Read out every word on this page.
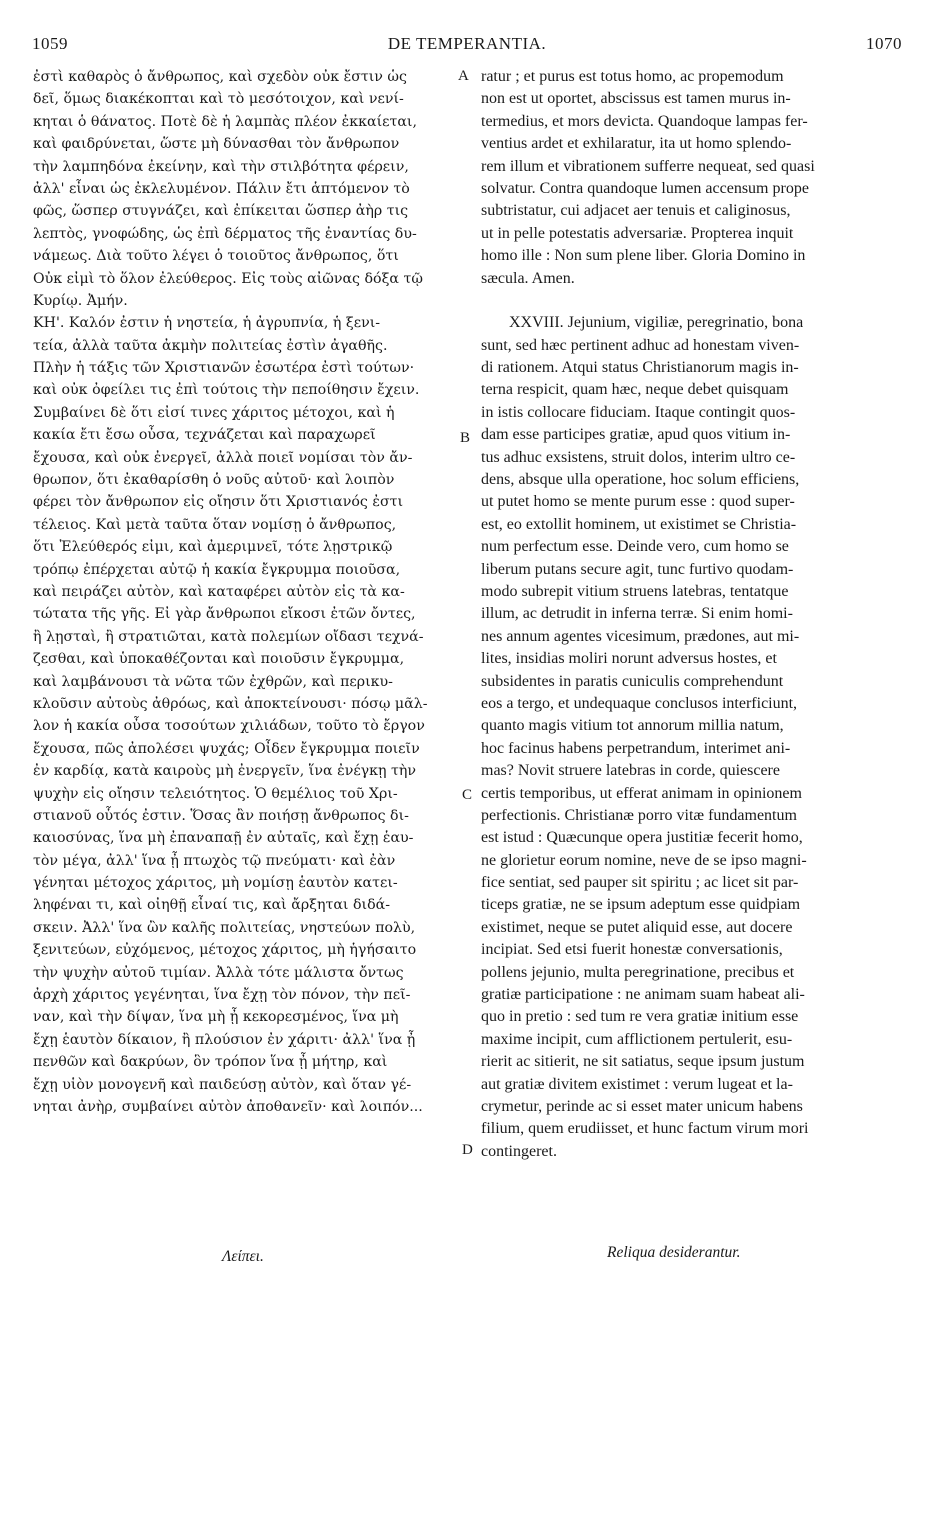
1059	DE TEMPERANTIA.	1070
ἐστὶ καθαρὸς ὁ ἄνθρωπος, καὶ σχεδὸν οὐκ ἔστιν ὡς
δεῖ, ὅμως διακέκοπται καὶ τὸ μεσότοιχον, καὶ νενί-
κηται ὁ θάνατος. Ποτὲ δὲ ἡ λαμπὰς πλέον ἐκκαίεται,
καὶ φαιδρύνεται, ὥστε μὴ δύνασθαι τὸν ἄνθρωπον
τὴν λαμπηδόνα ἐκείνην, καὶ τὴν στιλβότητα φέρειν,
ἀλλ' εἶναι ὡς ἐκλελυμένον. Πάλιν ἔτι ἁπτόμενον τὸ
φῶς, ὥσπερ στυγνάζει, καὶ ἐπίκειται ὥσπερ ἀὴρ τις
λεπτὸς, γνοφώδης, ὡς ἐπὶ δέρματος τῆς ἐναντίας δυ-
νάμεως. Διὰ τοῦτο λέγει ὁ τοιοῦτος ἄνθρωπος, ὅτι
Οὐκ εἰμὶ τὸ ὅλον ἐλεύθερος. Εἰς τοὺς αἰῶνας δόξα τῷ
Κυρίῳ. Ἀμήν.
ΚΗ'. Καλόν ἐστιν ἡ νηστεία, ἡ ἀγρυπνία, ἡ ξενι-
τεία, ἀλλὰ ταῦτα ἀκμὴν πολιτείας ἐστὶν ἀγαθῆς.
Πλὴν ἡ τάξις τῶν Χριστιανῶν ἐσωτέρα ἐστὶ τούτων·
καὶ οὐκ ὀφείλει τις ἐπὶ τούτοις τὴν πεποίθησιν ἔχειν.
Συμβαίνει δὲ ὅτι εἰσί τινες χάριτος μέτοχοι, καὶ ἡ
κακία ἔτι ἔσω οὖσα, τεχνάζεται καὶ παραχωρεῖ
ἔχουσα, καὶ οὐκ ἐνεργεῖ, ἀλλὰ ποιεῖ νομίσαι τὸν ἄν-
θρωπον, ὅτι ἐκαθαρίσθη ὁ νοῦς αὐτοῦ· καὶ λοιπὸν
φέρει τὸν ἄνθρωπον εἰς οἴησιν ὅτι Χριστιανός ἐστι
τέλειος. Καὶ μετὰ ταῦτα ὅταν νομίσῃ ὁ ἄνθρωπος,
ὅτι Ἐλεύθερός εἰμι, καὶ ἀμεριμνεῖ, τότε λῃστρικῷ
τρόπῳ ἐπέρχεται αὐτῷ ἡ κακία ἔγκρυμμα ποιοῦσα,
καὶ πειράζει αὐτὸν, καὶ καταφέρει αὐτὸν εἰς τὰ κα-
τώτατα τῆς γῆς. Εἰ γὰρ ἄνθρωποι εἴκοσι ἐτῶν ὄντες,
ἢ λῃσταὶ, ἢ στρατιῶται, κατὰ πολεμίων οἴδασι τεχνά-
ζεσθαι, καὶ ὑποκαθέζονται καὶ ποιοῦσιν ἔγκρυμμα,
καὶ λαμβάνουσι τὰ νῶτα τῶν ἐχθρῶν, καὶ περικυ-
κλοῦσιν αὐτοὺς ἀθρόως, καὶ ἀποκτείνουσι· πόσῳ μᾶλ-
λον ἡ κακία οὖσα τοσούτων χιλιάδων, τοῦτο τὸ ἔργον
ἔχουσα, πῶς ἀπολέσει ψυχάς; Οἶδεν ἔγκρυμμα ποιεῖν
ἐν καρδίᾳ, κατὰ καιροὺς μὴ ἐνεργεῖν, ἵνα ἐνέγκῃ τὴν
ψυχὴν εἰς οἴησιν τελειότητος. Ὁ θεμέλιος τοῦ Χρι-
στιανοῦ οὗτός ἐστιν. Ὅσας ἂν ποιήσῃ ἄνθρωπος δι-
καιοσύνας, ἵνα μὴ ἐπαναπαῇ ἐν αὐταῖς, καὶ ἔχῃ ἑαυ-
τὸν μέγα, ἀλλ' ἵνα ᾖ πτωχὸς τῷ πνεύματι· καὶ ἐὰν
γένηται μέτοχος χάριτος, μὴ νομίσῃ ἑαυτὸν κατει-
ληφέναι τι, καὶ οἰηθῇ εἶναί τις, καὶ ἄρξηται διδά-
σκειν. Ἀλλ' ἵνα ὢν καλῆς πολιτείας, νηστεύων πολὺ,
ξενιτεύων, εὐχόμενος, μέτοχος χάριτος, μὴ ἡγήσαιτο
τὴν ψυχὴν αὐτοῦ τιμίαν. Ἀλλὰ τότε μάλιστα ὄντως
ἀρχὴ χάριτος γεγένηται, ἵνα ἔχῃ τὸν πόνον, τὴν πεῖ-
ναν, καὶ τὴν δίψαν, ἵνα μὴ ᾖ κεκορεσμένος, ἵνα μὴ
ἔχῃ ἑαυτὸν δίκαιον, ἢ πλούσιον ἐν χάριτι· ἀλλ' ἵνα ᾖ
πενθῶν καὶ δακρύων, ὃν τρόπον ἵνα ᾖ μήτηρ, καὶ
ἔχῃ υἱὸν μονογενῆ καὶ παιδεύσῃ αὐτὸν, καὶ ὅταν γέ-
νηται ἀνὴρ, συμβαίνει αὐτὸν ἀποθανεῖν· καὶ λοιπόν...
ratur ; et purus est totus homo, ac propemodum
non est ut oportet, abscissus est tamen murus in-
termedius, et mors devicta. Quandoque lampas fer-
ventius ardet et exhilaratur, ita ut homo splendo-
rem illum et vibrationem sufferre nequeat, sed quasi
solvatur. Contra quandoque lumen accensum prope
subtristatur, cui adjacet aer tenuis et caliginosus,
ut in pelle potestatis adversariæ. Propterea inquit
homo ille : Non sum plene liber. Gloria Domino in
sæcula. Amen.
XXVIII. Jejunium, vigiliæ, peregrinatio, bona
sunt, sed hæc pertinent adhuc ad honestam viven-
di rationem. Atqui status Christianorum magis in-
terna respicit, quam hæc, neque debet quisquam
in istis collocare fiduciam. Itaque contingit quos-
dam esse participes gratiæ, apud quos vitium in-
tus adhuc exsistens, struit dolos, interim ultro ce-
dens, absque ulla operatione, hoc solum efficiens,
ut putet homo se mente purum esse : quod super-
est, eo extollit hominem, ut existimet se Christia-
num perfectum esse. Deinde vero, cum homo se
liberum putans secure agit, tunc furtivo quodam-
modo subrepit vitium struens latebras, tentatque
illum, ac detrudit in inferna terræ. Si enim homi-
nes annum agentes vicesimum, prædones, aut mi-
lites, insidias moliri norunt adversus hostes, et
subsidentes in paratis cuniculis comprehendunt
eos a tergo, et undequaque conclusos interficiunt,
quanto magis vitium tot annorum millia natum,
hoc facinus habens perpetrandum, interimet ani-
mas? Novit struere latebras in corde, quiescere
certis temporibus, ut efferat animam in opinionem
perfectionis. Christianæ porro vitæ fundamentum
est istud : Quæcunque opera justitiæ fecerit homo,
ne glorietur eorum nomine, neve de se ipso magni-
fice sentiat, sed pauper sit spiritu ; ac licet sit par-
ticeps gratiæ, ne se ipsum adeptum esse quidpiam
existimet, neque se putet aliquid esse, aut docere
incipiat. Sed etsi fuerit honestæ conversationis,
pollens jejunio, multa peregrinatione, precibus et
gratiæ participatione : ne animam suam habeat ali-
quo in pretio : sed tum re vera gratiæ initium esse
maxime incipit, cum afflictionem pertulerit, esu-
rierit ac sitierit, ne sit satiatus, seque ipsum justum
aut gratiæ divitem existimet : verum lugeat et la-
crymetur, perinde ac si esset mater unicum habens
filium, quem erudiisset, et hunc factum virum mori
contingeret.
A
B
C
D
Λείπει.	Reliqua desiderantur.
